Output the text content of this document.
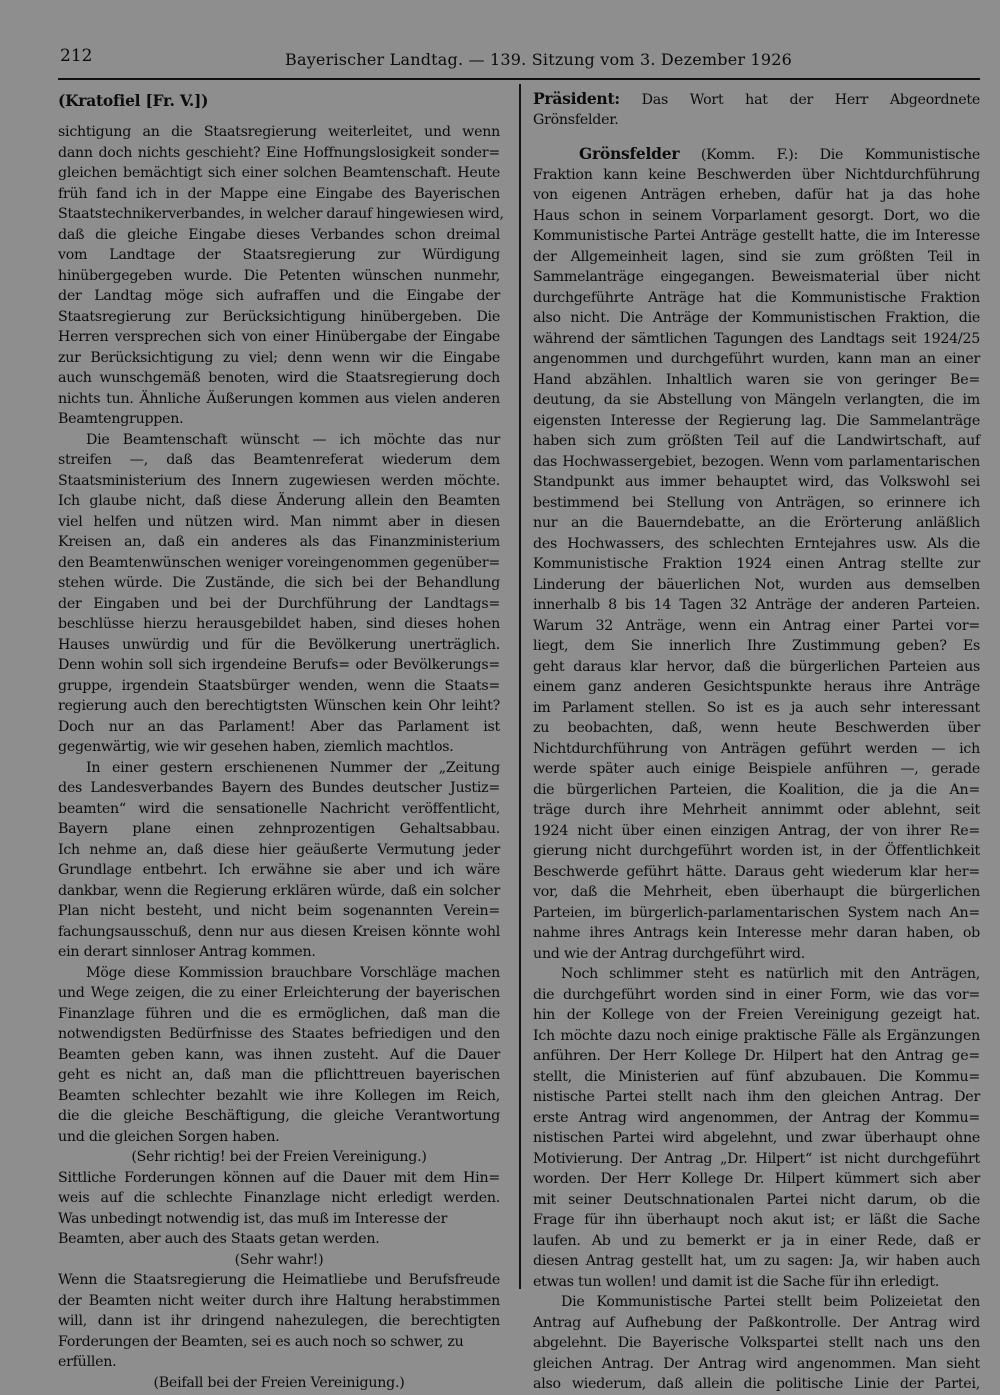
212	Bayerischer Landtag. — 139. Sitzung vom 3. Dezember 1926
(Kratofiel [Fr. V.])
sichtigung an die Staatsregierung weiterleitet, und wenn
dann doch nichts geschieht? Eine Hoffnungslosigkeit sonder=
gleichen bemächtigt sich einer solchen Beamtenschaft. Heute
früh fand ich in der Mappe eine Eingabe des Bayerischen
Staatstechnikerverbandes, in welcher darauf hingewiesen wird,
daß die gleiche Eingabe dieses Verbandes schon dreimal
vom Landtage der Staatsregierung zur Würdigung
hinübergegeben wurde. Die Petenten wünschen nunmehr,
der Landtag möge sich aufraffen und die Eingabe der
Staatsregierung zur Berücksichtigung hinübergeben. Die
Herren versprechen sich von einer Hinübergabe der Eingabe
zur Berücksichtigung zu viel; denn wenn wir die Eingabe
auch wunschgemäß benoten, wird die Staatsregierung doch
nichts tun. Ähnliche Äußerungen kommen aus vielen anderen
Beamtengruppen.
Die Beamtenschaft wünscht — ich möchte das nur
streifen —, daß das Beamtenreferat wiederum dem
Staatsministerium des Innern zugewiesen werden möchte.
Ich glaube nicht, daß diese Änderung allein den Beamten
viel helfen und nützen wird. Man nimmt aber in diesen
Kreisen an, daß ein anderes als das Finanzministerium
den Beamtenwünschen weniger voreingenommen gegenüber=
stehen würde. Die Zustände, die sich bei der Behandlung
der Eingaben und bei der Durchführung der Landtags=
beschlüsse hierzu herausgebildet haben, sind dieses hohen
Hauses unwürdig und für die Bevölkerung unerträglich.
Denn wohin soll sich irgendeine Berufs= oder Bevölkerungs=
gruppe, irgendein Staatsbürger wenden, wenn die Staats=
regierung auch den berechtigtsten Wünschen kein Ohr leiht?
Doch nur an das Parlament! Aber das Parlament ist
gegenwärtig, wie wir gesehen haben, ziemlich machtlos.
In einer gestern erschienenen Nummer der „Zeitung
des Landesverbandes Bayern des Bundes deutscher Justiz=
beamten“ wird die sensationelle Nachricht veröffentlicht,
Bayern plane einen zehnprozentigen Gehaltsabbau.
Ich nehme an, daß diese hier geäußerte Vermutung jeder
Grundlage entbehrt. Ich erwähne sie aber und ich wäre
dankbar, wenn die Regierung erklären würde, daß ein solcher
Plan nicht besteht, und nicht beim sogenannten Verein=
fachungsausschuß, denn nur aus diesen Kreisen könnte wohl
ein derart sinnloser Antrag kommen.
Möge diese Kommission brauchbare Vorschläge machen
und Wege zeigen, die zu einer Erleichterung der bayerischen
Finanzlage führen und die es ermöglichen, daß man die
notwendigsten Bedürfnisse des Staates befriedigen und den
Beamten geben kann, was ihnen zusteht. Auf die Dauer
geht es nicht an, daß man die pflichttreuen bayerischen
Beamten schlechter bezahlt wie ihre Kollegen im Reich,
die die gleiche Beschäftigung, die gleiche Verantwortung
und die gleichen Sorgen haben.
(Sehr richtig! bei der Freien Vereinigung.)
Sittliche Forderungen können auf die Dauer mit dem Hin=
weis auf die schlechte Finanzlage nicht erledigt werden.
Was unbedingt notwendig ist, das muß im Interesse der
Beamten, aber auch des Staats getan werden.
(Sehr wahr!)
Wenn die Staatsregierung die Heimatliebe und Berufsfreude
der Beamten nicht weiter durch ihre Haltung herabstimmen
will, dann ist ihr dringend nahezulegen, die berechtigten
Forderungen der Beamten, sei es auch noch so schwer, zu
erfüllen.
(Beifall bei der Freien Vereinigung.)
Präsident: Das Wort hat der Herr Abgeordnete
Grönsfelder.
Grönsfelder (Komm. F.): Die Kommunistische
Fraktion kann keine Beschwerden über Nichtdurchführung
von eigenen Anträgen erheben, dafür hat ja das hohe
Haus schon in seinem Vorparlament gesorgt. Dort, wo die
Kommunistische Partei Anträge gestellt hatte, die im Interesse
der Allgemeinheit lagen, sind sie zum größten Teil in
Sammelanträge eingegangen. Beweismaterial über nicht
durchgeführte Anträge hat die Kommunistische Fraktion
also nicht. Die Anträge der Kommunistischen Fraktion, die
während der sämtlichen Tagungen des Landtags seit 1924/25
angenommen und durchgeführt wurden, kann man an einer
Hand abzählen. Inhaltlich waren sie von geringer Be=
deutung, da sie Abstellung von Mängeln verlangten, die im
eigensten Interesse der Regierung lag. Die Sammelanträge
haben sich zum größten Teil auf die Landwirtschaft, auf
das Hochwassergebiet, bezogen. Wenn vom parlamentarischen
Standpunkt aus immer behauptet wird, das Volkswohl sei
bestimmend bei Stellung von Anträgen, so erinnere ich
nur an die Bauerndebatte, an die Erörterung anläßlich
des Hochwassers, des schlechten Erntejahres usw. Als die
Kommunistische Fraktion 1924 einen Antrag stellte zur
Linderung der bäuerlichen Not, wurden aus demselben
innerhalb 8 bis 14 Tagen 32 Anträge der anderen Parteien.
Warum 32 Anträge, wenn ein Antrag einer Partei vor=
liegt, dem Sie innerlich Ihre Zustimmung geben? Es
geht daraus klar hervor, daß die bürgerlichen Parteien aus
einem ganz anderen Gesichtspunkte heraus ihre Anträge
im Parlament stellen. So ist es ja auch sehr interessant
zu beobachten, daß, wenn heute Beschwerden über
Nichtdurchführung von Anträgen geführt werden — ich
werde später auch einige Beispiele anführen —, gerade
die bürgerlichen Parteien, die Koalition, die ja die An=
träge durch ihre Mehrheit annimmt oder ablehnt, seit
1924 nicht über einen einzigen Antrag, der von ihrer Re=
gierung nicht durchgeführt worden ist, in der Öffentlichkeit
Beschwerde geführt hätte. Daraus geht wiederum klar her=
vor, daß die Mehrheit, eben überhaupt die bürgerlichen
Parteien, im bürgerlich-parlamentarischen System nach An=
nahme ihres Antrags kein Interesse mehr daran haben, ob
und wie der Antrag durchgeführt wird.
Noch schlimmer steht es natürlich mit den Anträgen,
die durchgeführt worden sind in einer Form, wie das vor=
hin der Kollege von der Freien Vereinigung gezeigt hat.
Ich möchte dazu noch einige praktische Fälle als Ergänzungen
anführen. Der Herr Kollege Dr. Hilpert hat den Antrag ge=
stellt, die Ministerien auf fünf abzubauen. Die Kommu=
nistische Partei stellt nach ihm den gleichen Antrag. Der
erste Antrag wird angenommen, der Antrag der Kommu=
nistischen Partei wird abgelehnt, und zwar überhaupt ohne
Motivierung. Der Antrag „Dr. Hilpert“ ist nicht durchgeführt
worden. Der Herr Kollege Dr. Hilpert kümmert sich aber
mit seiner Deutschnationalen Partei nicht darum, ob die
Frage für ihn überhaupt noch akut ist; er läßt die Sache
laufen. Ab und zu bemerkt er ja in einer Rede, daß er
diesen Antrag gestellt hat, um zu sagen: Ja, wir haben auch
etwas tun wollen! und damit ist die Sache für ihn erledigt.
Die Kommunistische Partei stellt beim Polizeietat den
Antrag auf Aufhebung der Paßkontrolle. Der Antrag wird
abgelehnt. Die Bayerische Volkspartei stellt nach uns den
gleichen Antrag. Der Antrag wird angenommen. Man sieht
also wiederum, daß allein die politische Linie der Partei,
